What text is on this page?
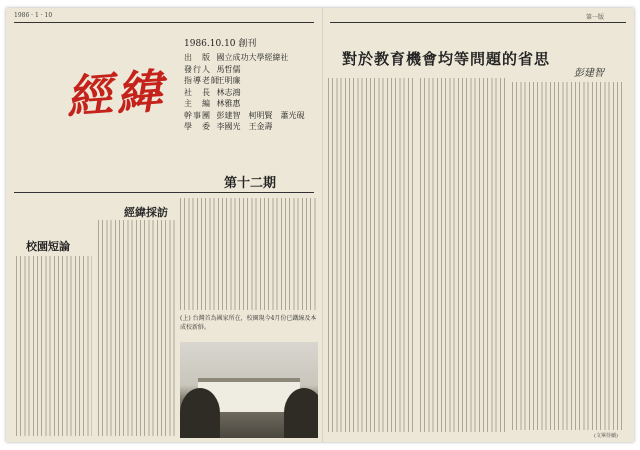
1986 · 1 · 10
經緯
1986.10.10 創刊
出　版 國立成功大學經緯社
發行人 馬哲儒
指導老師 王明廉
社　長 林志鴻
主　編 林雅惠
幹事團 彭建智　柯明賢　蕭光硯
學　委 李國光　王金壽
第十二期
校園短論
經緯採訪
(上) 台灣首為國家所在，校園現今4月份已鐵線及本成校新鮮。
第一版
對於教育機會均等問題的省思
彭建智
(文畢待續)
